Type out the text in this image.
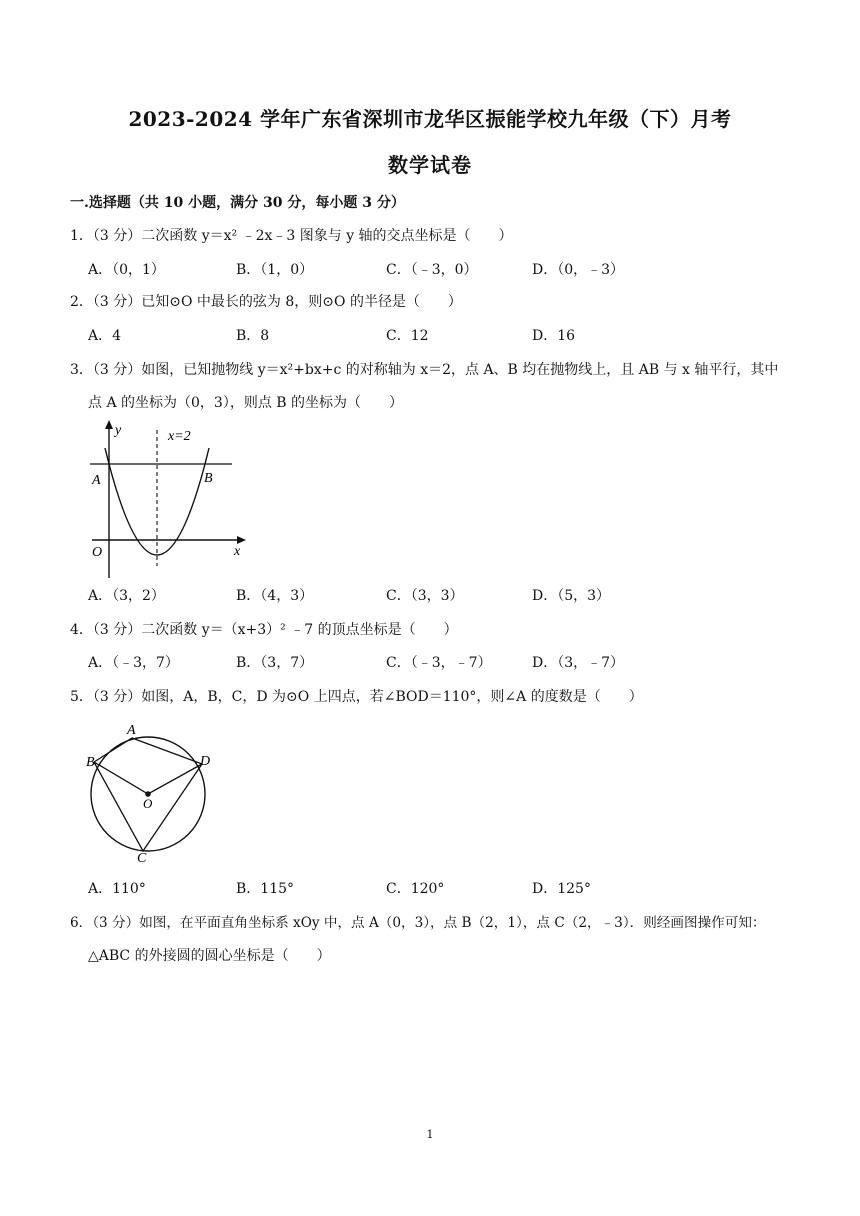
2023-2024 学年广东省深圳市龙华区振能学校九年级（下）月考
数学试卷
一.选择题（共 10 小题，满分 30 分，每小题 3 分）
1．（3 分）二次函数 y＝x² ﹣2x﹣3 图象与 y 轴的交点坐标是（　　）
A．（0，1）	B．（1，0）	C．（﹣3，0）	D．（0，﹣3）
2．（3 分）已知⊙O 中最长的弦为 8，则⊙O 的半径是（　　）
A．4	B．8	C．12	D．16
3．（3 分）如图，已知抛物线 y＝x²+bx+c 的对称轴为 x＝2，点 A、B 均在抛物线上，且 AB 与 x 轴平行，其中
点 A 的坐标为（0，3），则点 B 的坐标为（　　）
y
x
x=2
A	B
O
A．（3，2）	B．（4，3）	C．（3，3）	D．（5，3）
4．（3 分）二次函数 y＝（x+3）² ﹣7 的顶点坐标是（　　）
A．（﹣3，7）	B．（3，7）	C．（﹣3，﹣7）	D．（3，﹣7）
5．（3 分）如图，A，B，C，D 为⊙O 上四点，若∠BOD＝110°，则∠A 的度数是（　　）
A
B	D
C
O
A．110°	B．115°	C．120°	D．125°
6．（3 分）如图，在平面直角坐标系 xOy 中，点 A（0，3），点 B（2，1），点 C（2，﹣3）．则经画图操作可知：
△ABC 的外接圆的圆心坐标是（　　）
1
